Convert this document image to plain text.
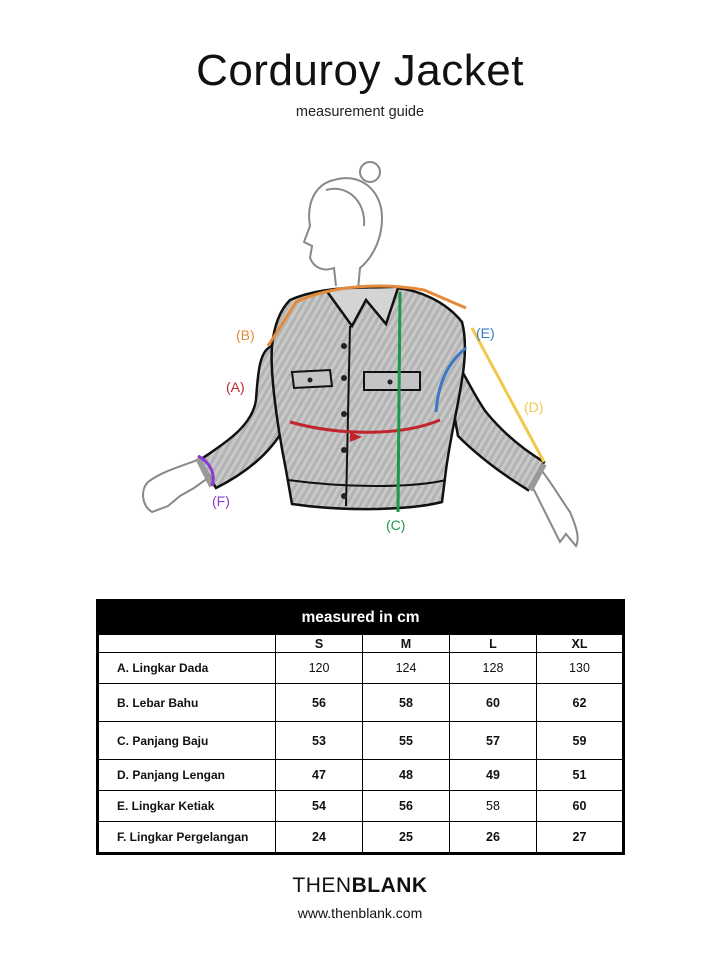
Corduroy Jacket
measurement guide
(A)
(B)
(C)
(D)
(E)
(F)
measured in cm				
	S	M	L	XL
A. Lingkar Dada	120	124	128	130
B. Lebar Bahu	56	58	60	62
C. Panjang Baju	53	55	57	59
D. Panjang Lengan	47	48	49	51
E. Lingkar Ketiak	54	56	58	60
F. Lingkar Pergelangan	24	25	26	27
THENBLANK
www.thenblank.com
